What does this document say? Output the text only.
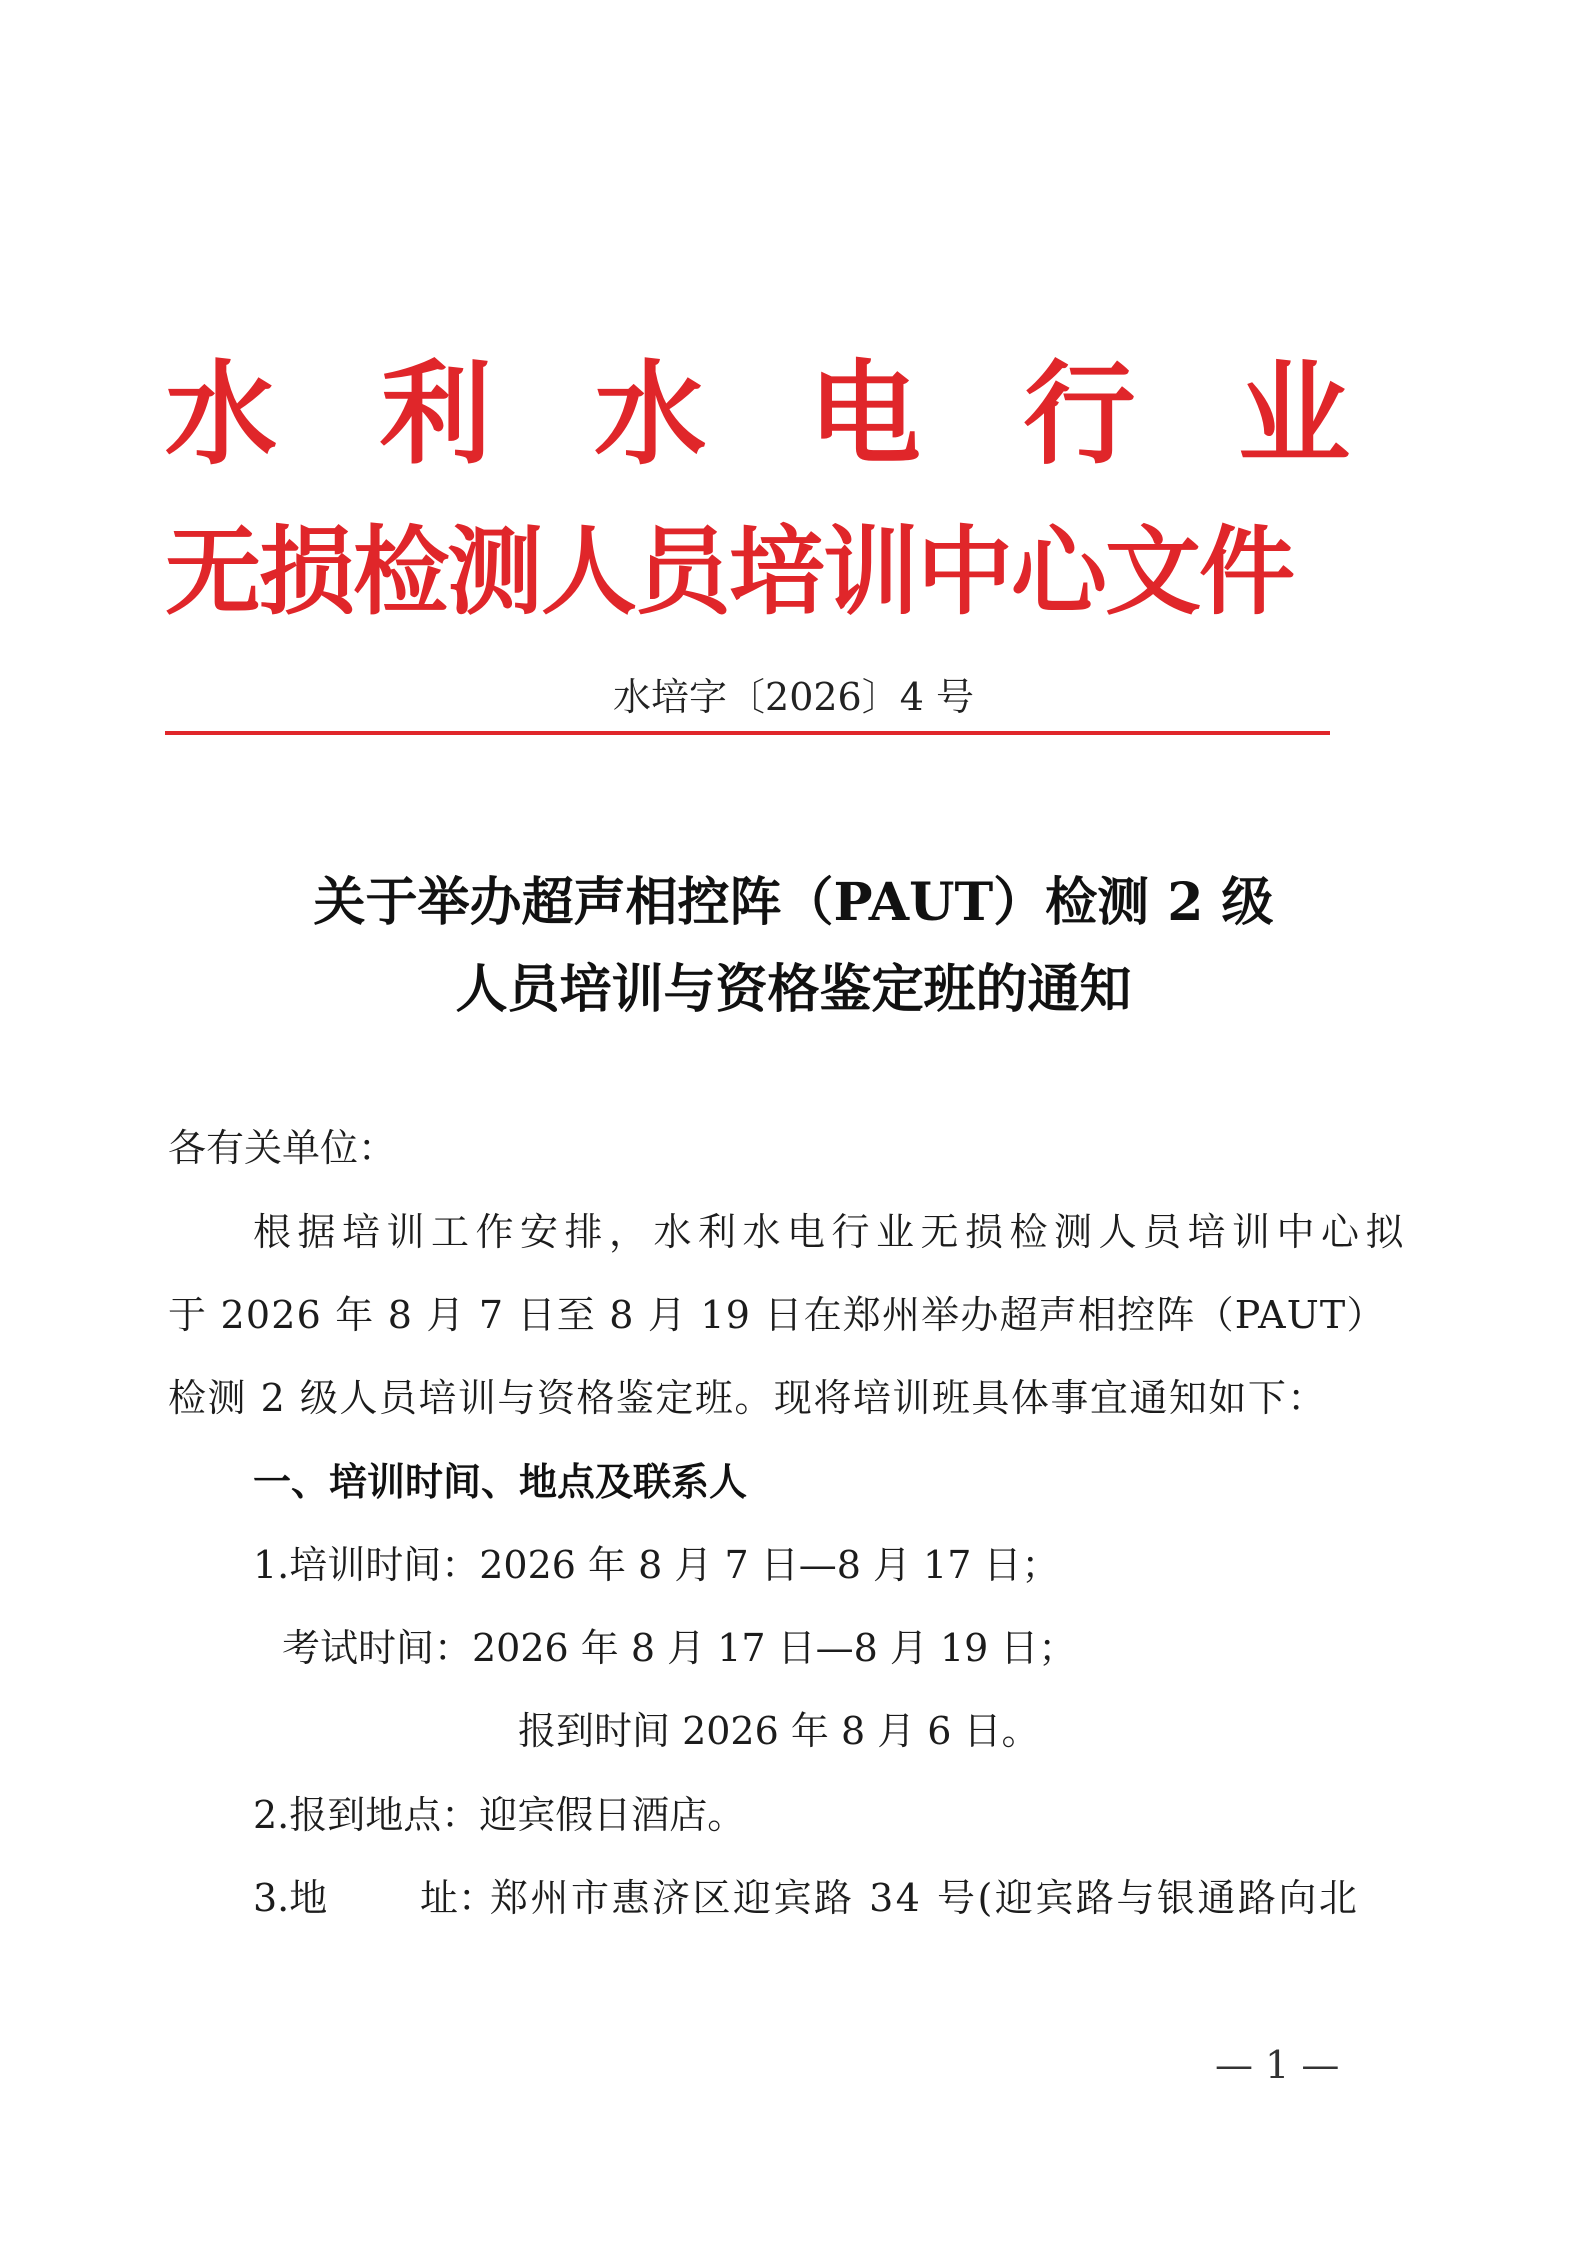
水 利 水 电 行 业
无损检测人员培训中心文件
水培字〔2026〕4 号
关于举办超声相控阵（PAUT）检测 2 级
人员培训与资格鉴定班的通知
各有关单位：
根据培训工作安排，水利水电行业无损检测人员培训中心拟
于 2026 年 8 月 7 日至 8 月 19 日在郑州举办超声相控阵（PAUT）
检测 2 级人员培训与资格鉴定班。现将培训班具体事宜通知如下：
一、培训时间、地点及联系人
1.培训时间：2026 年 8 月 7 日—8 月 17 日；
考试时间：2026 年 8 月 17 日—8 月 19 日；
报到时间 2026 年 8 月 6 日。
2.报到地点：迎宾假日酒店。
3.地 址：
郑州市惠济区迎宾路 34 号(迎宾路与银通路向北
— 1 —
